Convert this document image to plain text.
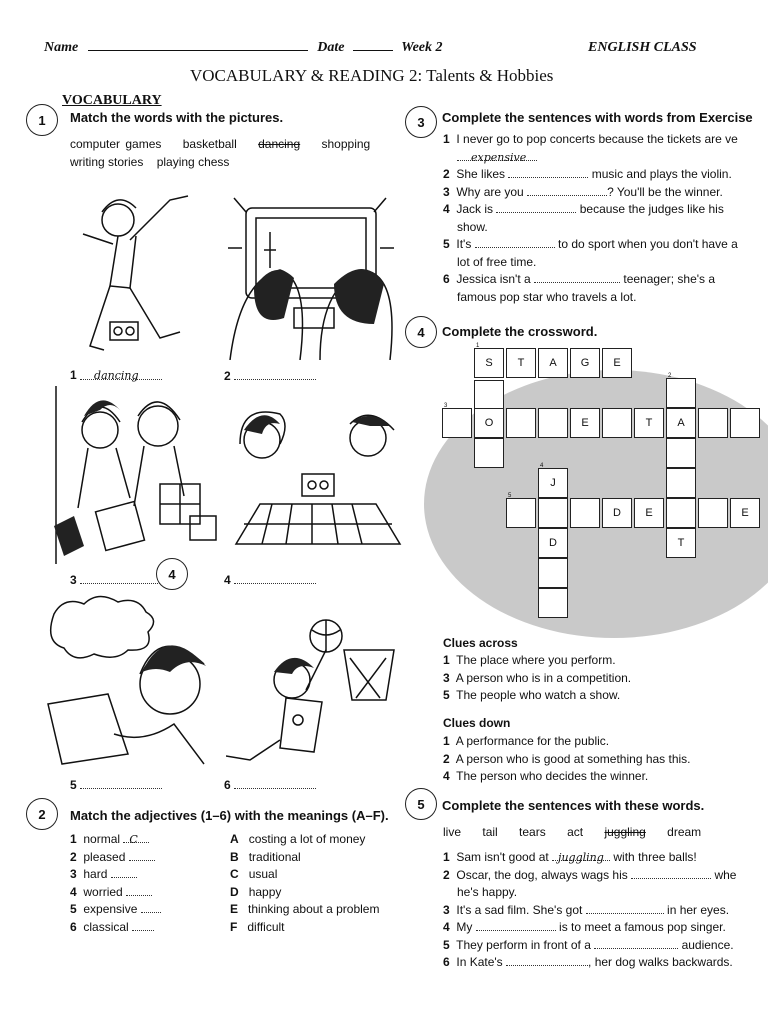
Name	Date	Week 2	ENGLISH CLASS
VOCABULARY & READING 2: Talents & Hobbies
1
VOCABULARY
Match the words with the pictures.
computer games basketball dancing shopping
writing stories playing chess
1 dancing	2
3	4
5	6
4
2	Match the adjectives (1–6) with the meanings (A–F).
1 normal C
2 pleased
3 hard
4 worried
5 expensive
6 classical
A costing a lot of money
B traditional
C usual
D happy
E thinking about a problem
F difficult
3	Complete the sentences with words from Exercise
1 I never go to pop concerts because the tickets are ve
expensive
2 She likes	music and plays the violin.
3 Why are you	? You'll be the winner.
4 Jack is	because the judges like his
show.
5 It's	to do sport when you don't have a
lot of free time.
6 Jessica isn't a	teenager; she's a
famous pop star who travels a lot.
4	Complete the crossword.
1
S	T	A	G	E
3
O	E	T	A
2
4
J
5
D	E	E
D	T
Clues across
1 The place where you perform.
3 A person who is in a competition.
5 The people who watch a show.
Clues down
1 A performance for the public.
2 A person who is good at something has this.
4 The person who decides the winner.
5	Complete the sentences with these words.
live tail tears act juggling dream
1 Sam isn't good at juggling with three balls!
2 Oscar, the dog, always wags his	whe
he's happy.
3 It's a sad film. She's got	in her eyes.
4 My	is to meet a famous pop singer.
5 They perform in front of a	audience.
6 In Kate's	, her dog walks backwards.
